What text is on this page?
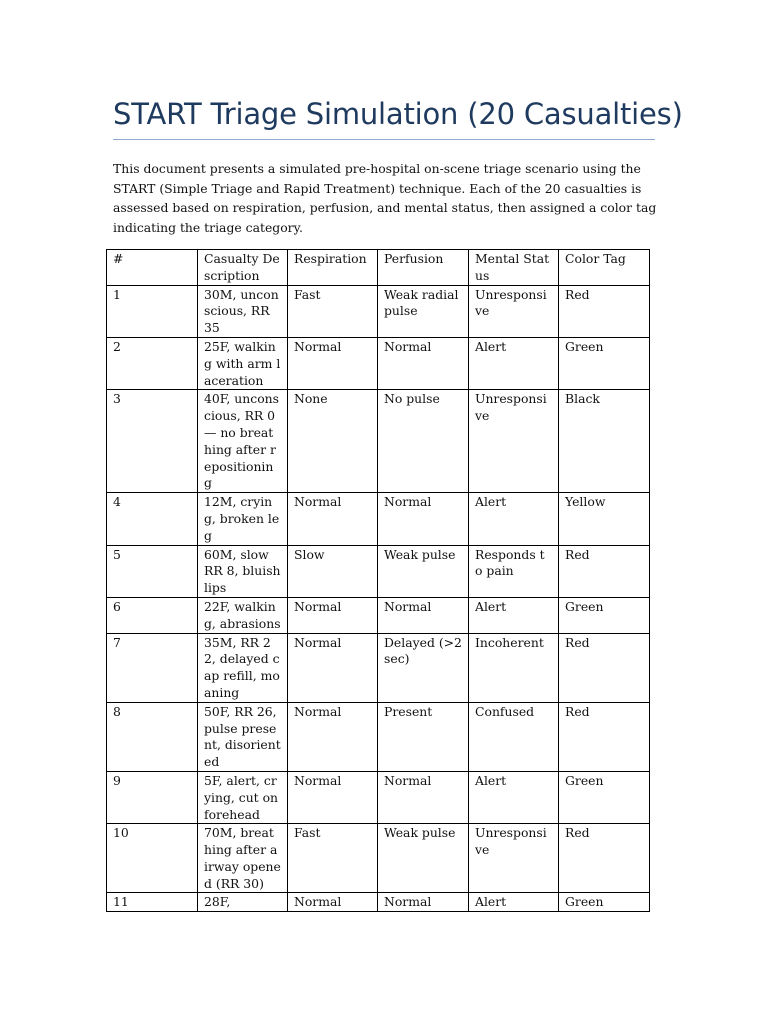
START Triage Simulation (20 Casualties)
This document presents a simulated pre-hospital on-scene triage scenario using the START (Simple Triage and Rapid Treatment) technique. Each of the 20 casualties is assessed based on respiration, perfusion, and mental status, then assigned a color tag indicating the triage category.
#	Casualty Description	Respiration	Perfusion	Mental Status	Color Tag
1	30M, unconscious, RR 35	Fast	Weak radial pulse	Unresponsive	Red
2	25F, walking with arm laceration	Normal	Normal	Alert	Green
3	40F, unconscious, RR 0 — no breathing after repositioning	None	No pulse	Unresponsive	Black
4	12M, crying, broken leg	Normal	Normal	Alert	Yellow
5	60M, slow RR 8, bluish lips	Slow	Weak pulse	Responds to pain	Red
6	22F, walking, abrasions	Normal	Normal	Alert	Green
7	35M, RR 22, delayed cap refill, moaning	Normal	Delayed (>2 sec)	Incoherent	Red
8	50F, RR 26, pulse present, disoriented	Normal	Present	Confused	Red
9	5F, alert, crying, cut on forehead	Normal	Normal	Alert	Green
10	70M, breathing after airway opened (RR 30)	Fast	Weak pulse	Unresponsive	Red
11	28F,	Normal	Normal	Alert	Green
